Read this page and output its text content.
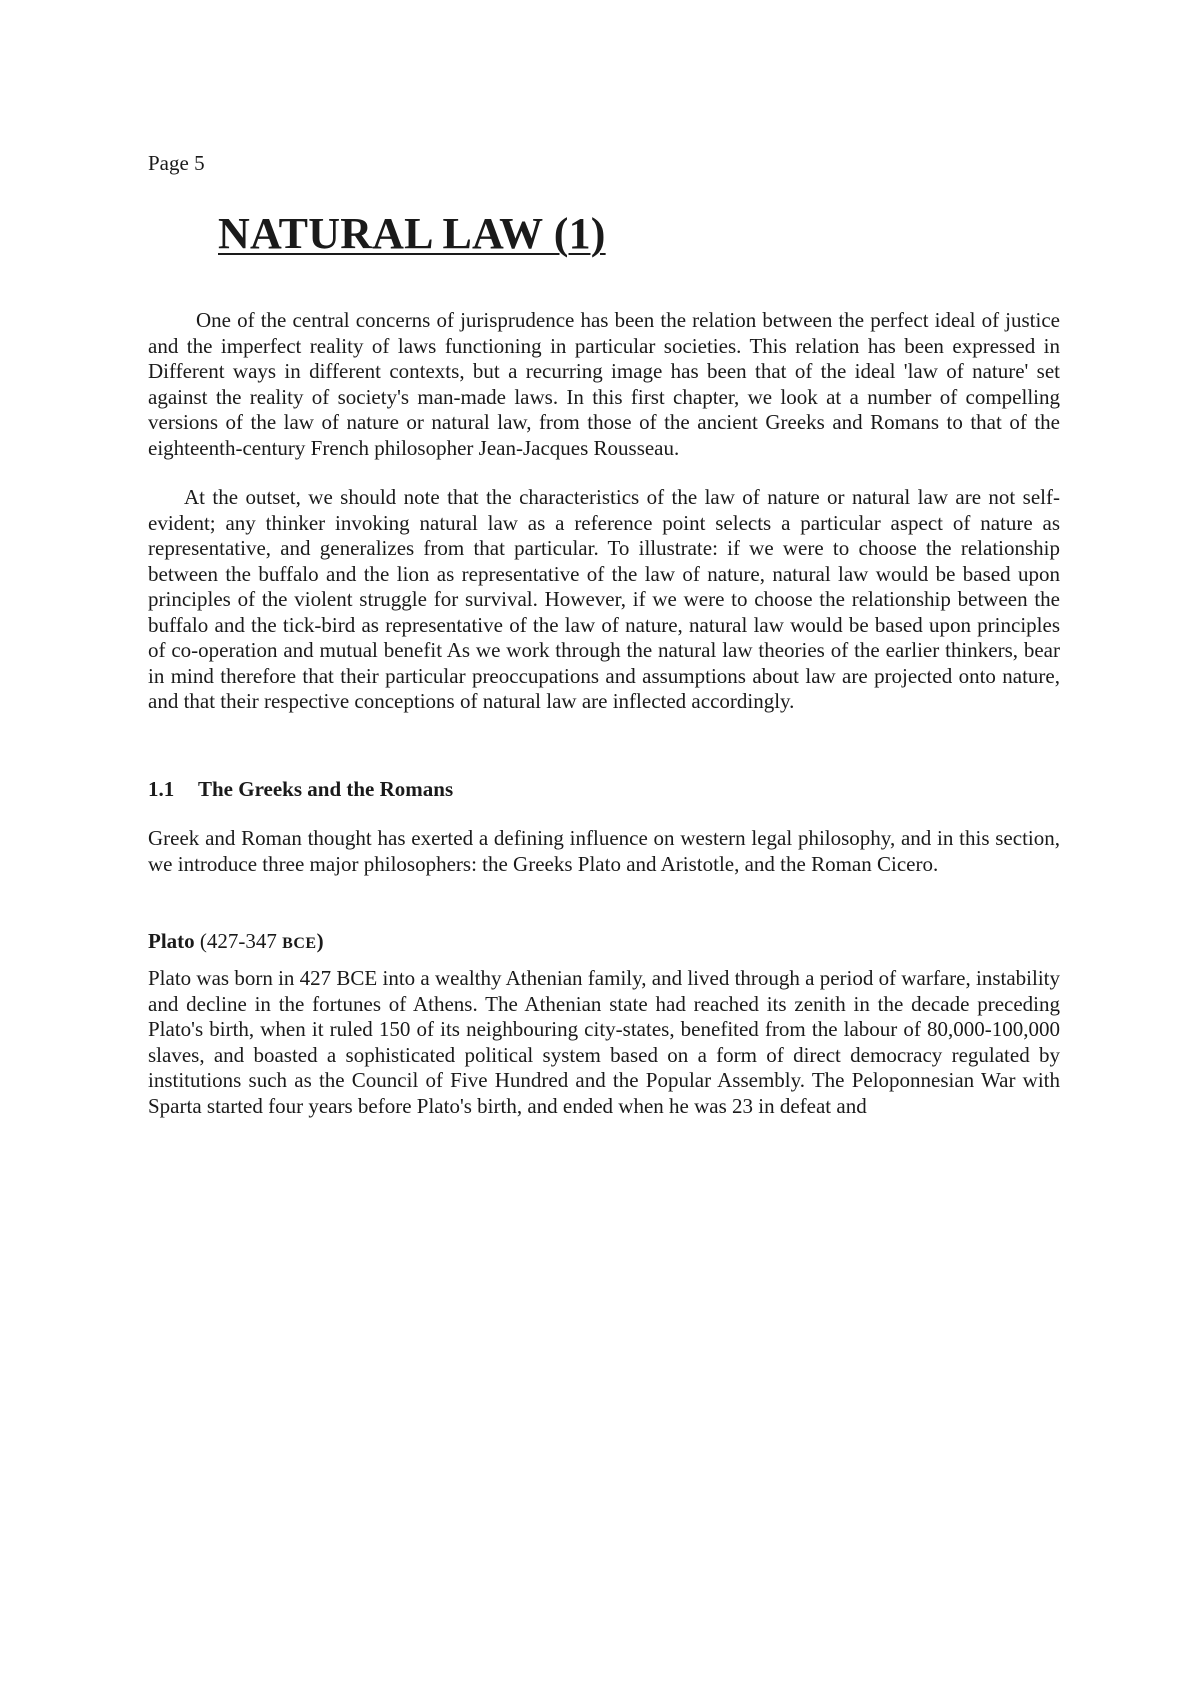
Page 5
NATURAL LAW (1)

One of the central concerns of jurisprudence has been the relation between the perfect ideal of justice and the imperfect reality of laws functioning in particular societies. This relation has been expressed in Different ways in different contexts, but a recurring image has been that of the ideal 'law of nature' set against the reality of society's man-made laws. In this first chapter, we look at a number of compelling versions of the law of nature or natural law, from those of the ancient Greeks and Romans to that of the eighteenth-century French philosopher Jean-Jacques Rousseau.

At the outset, we should note that the characteristics of the law of nature or natural law are not self-evident; any thinker invoking natural law as a reference point selects a particular aspect of nature as representative, and generalizes from that particular. To illustrate: if we were to choose the relationship between the buffalo and the lion as representative of the law of nature, natural law would be based upon principles of the violent struggle for survival. However, if we were to choose the relationship between the buffalo and the tick-bird as representative of the law of nature, natural law would be based upon principles of co-operation and mutual benefit As we work through the natural law theories of the earlier thinkers, bear in mind therefore that their particular preoccupations and assumptions about law are projected onto nature, and that their respective conceptions of natural law are inflected accordingly.

1.1 The Greeks and the Romans

Greek and Roman thought has exerted a defining influence on western legal philosophy, and in this section, we introduce three major philosophers: the Greeks Plato and Aristotle, and the Roman Cicero.

Plato (427-347 BCE)

Plato was born in 427 BCE into a wealthy Athenian family, and lived through a period of warfare, instability and decline in the fortunes of Athens. The Athenian state had reached its zenith in the decade preceding Plato's birth, when it ruled 150 of its neighbouring city-states, benefited from the labour of 80,000-100,000 slaves, and boasted a sophisticated political system based on a form of direct democracy regulated by institutions such as the Council of Five Hundred and the Popular Assembly. The Peloponnesian War with Sparta started four years before Plato's birth, and ended when he was 23 in defeat and
